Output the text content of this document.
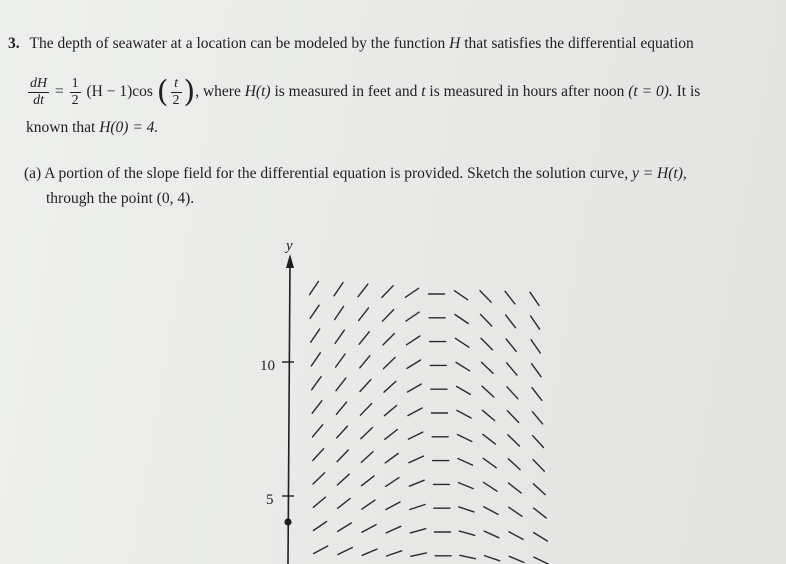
3. The depth of seawater at a location can be modeled by the function H that satisfies the differential equation
$\frac{dH}{dt} = \frac{1}{2} (H - 1)\cos$ ( $\frac{t}{2}$ ), where H(t) is measured in feet and t is measured in hours after noon (t = 0). It is
known that H(0) = 4.
(a) A portion of the slope field for the differential equation is provided. Sketch the solution curve, y = H(t),
through the point (0, 4).
y
10
5
